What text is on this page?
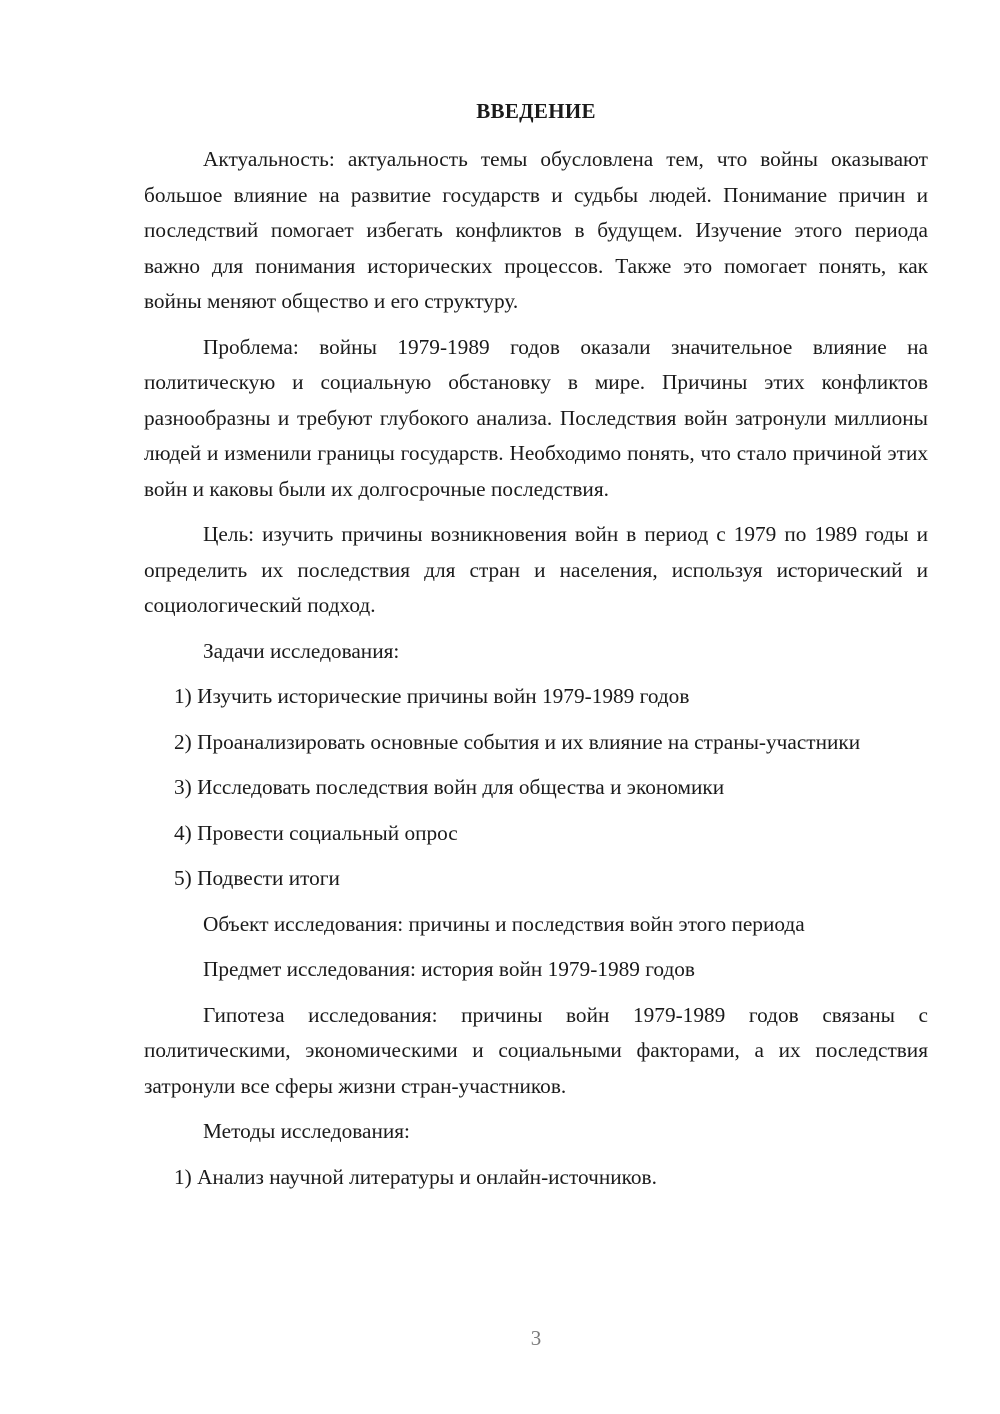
ВВЕДЕНИЕ

Актуальность: актуальность темы обусловлена тем, что войны оказывают большое влияние на развитие государств и судьбы людей. Понимание причин и последствий помогает избегать конфликтов в будущем. Изучение этого периода важно для понимания исторических процессов. Также это помогает понять, как войны меняют общество и его структуру.

Проблема: войны 1979-1989 годов оказали значительное влияние на политическую и социальную обстановку в мире. Причины этих конфликтов разнообразны и требуют глубокого анализа. Последствия войн затронули миллионы людей и изменили границы государств. Необходимо понять, что стало причиной этих войн и каковы были их долгосрочные последствия.

Цель: изучить причины возникновения войн в период с 1979 по 1989 годы и определить их последствия для стран и населения, используя исторический и социологический подход.

Задачи исследования:

1) Изучить исторические причины войн 1979-1989 годов

2) Проанализировать основные события и их влияние на страны-участники

3) Исследовать последствия войн для общества и экономики

4) Провести социальный опрос

5) Подвести итоги

Объект исследования: причины и последствия войн этого периода

Предмет исследования: история войн 1979-1989 годов

Гипотеза исследования: причины войн 1979-1989 годов связаны с политическими, экономическими и социальными факторами, а их последствия затронули все сферы жизни стран-участников.

Методы исследования:

1) Анализ научной литературы и онлайн-источников.

3
